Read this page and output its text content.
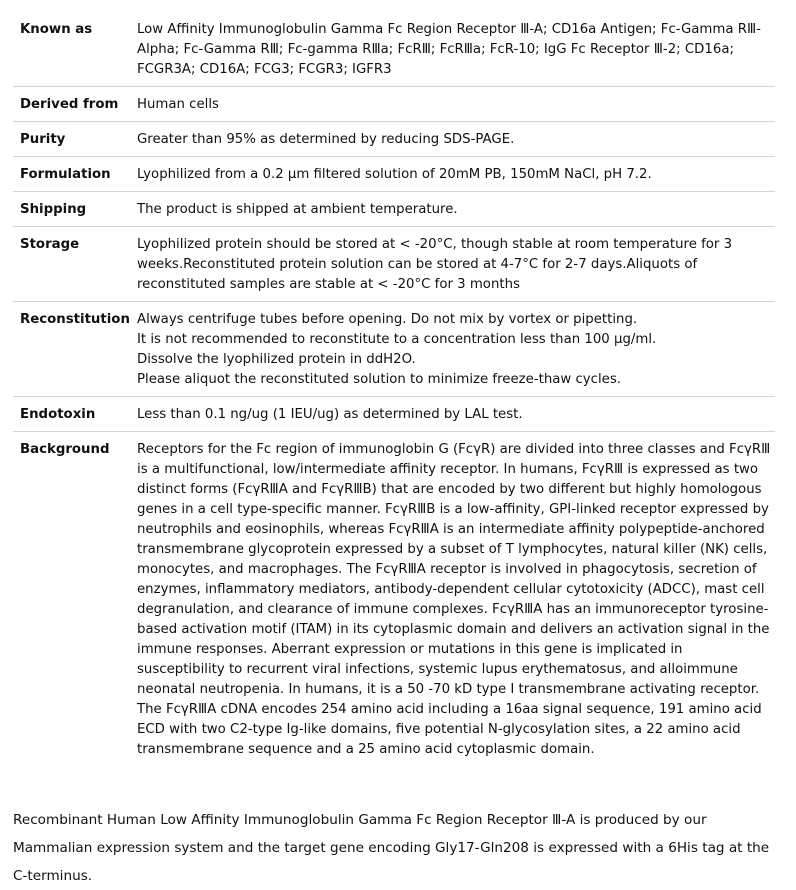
Known as	Low Affinity Immunoglobulin Gamma Fc Region Receptor Ⅲ-A; CD16a Antigen; Fc-Gamma RⅢ-Alpha; Fc-Gamma RⅢ; Fc-gamma RⅢa; FcRⅢ; FcRⅢa; FcR-10; IgG Fc Receptor Ⅲ-2; CD16a; FCGR3A; CD16A; FCG3; FCGR3; IGFR3
Derived from	Human cells
Purity	Greater than 95% as determined by reducing SDS-PAGE.
Formulation	Lyophilized from a 0.2 μm filtered solution of 20mM PB, 150mM NaCl, pH 7.2.
Shipping	The product is shipped at ambient temperature.
Storage	Lyophilized protein should be stored at < -20°C, though stable at room temperature for 3 weeks.Reconstituted protein solution can be stored at 4-7°C for 2-7 days.Aliquots of reconstituted samples are stable at < -20°C for 3 months
Reconstitution	Always centrifuge tubes before opening. Do not mix by vortex or pipetting.
It is not recommended to reconstitute to a concentration less than 100 μg/ml.
Dissolve the lyophilized protein in ddH2O.
Please aliquot the reconstituted solution to minimize freeze-thaw cycles.

Endotoxin	Less than 0.1 ng/ug (1 IEU/ug) as determined by LAL test.
Background	Receptors for the Fc region of immunoglobin G (FcγR) are divided into three classes and FcγRⅢ is a multifunctional, low/intermediate affinity receptor. In humans, FcγRⅢ is expressed as two distinct forms (FcγRⅢA and FcγRⅢB) that are encoded by two different but highly homologous genes in a cell type-specific manner. FcγRⅢB is a low-affinity, GPI-linked receptor expressed by neutrophils and eosinophils, whereas FcγRⅢA is an intermediate affinity polypeptide-anchored transmembrane glycoprotein expressed by a subset of T lymphocytes, natural killer (NK) cells, monocytes, and macrophages. The FcγRⅢA receptor is involved in phagocytosis, secretion of enzymes, inflammatory mediators, antibody-dependent cellular cytotoxicity (ADCC), mast cell degranulation, and clearance of immune complexes. FcγRⅢA has an immunoreceptor tyrosine-based activation motif (ITAM) in its cytoplasmic domain and delivers an activation signal in the immune responses. Aberrant expression or mutations in this gene is implicated in susceptibility to recurrent viral infections, systemic lupus erythematosus, and alloimmune neonatal neutropenia. In humans, it is a 50 -70 kD type I transmembrane activating receptor. The FcγRⅢA cDNA encodes 254 amino acid including a 16aa signal sequence, 191 amino acid ECD with two C2-type Ig-like domains, five potential N-glycosylation sites, a 22 amino acid transmembrane sequence and a 25 amino acid cytoplasmic domain.

Recombinant Human Low Affinity Immunoglobulin Gamma Fc Region Receptor Ⅲ-A is produced by our Mammalian expression system and the target gene encoding Gly17-Gln208 is expressed with a 6His tag at the C-terminus.
